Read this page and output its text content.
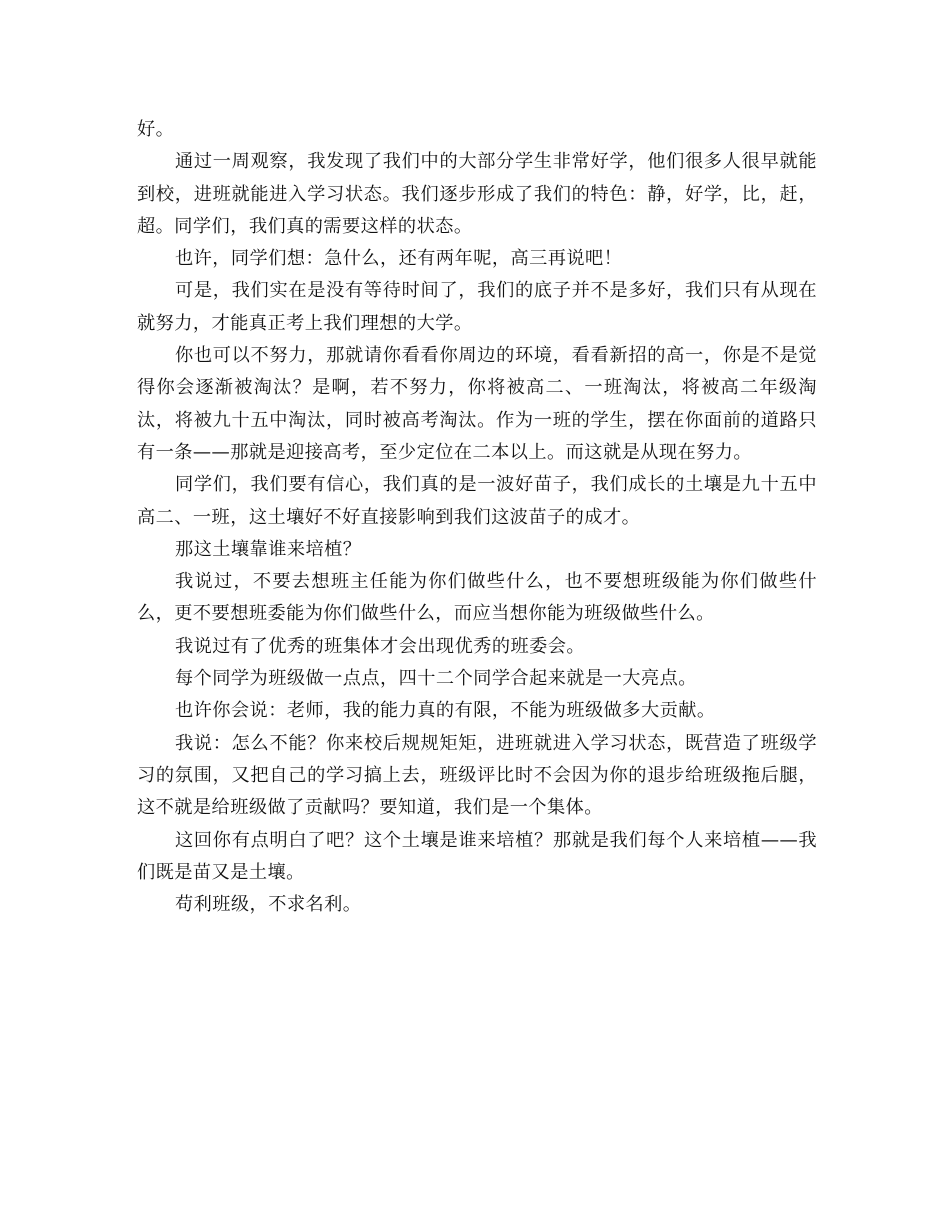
好。

通过一周观察，我发现了我们中的大部分学生非常好学，他们很多人很早就能到校，进班就能进入学习状态。我们逐步形成了我们的特色：静，好学，比，赶，超。同学们，我们真的需要这样的状态。

也许，同学们想：急什么，还有两年呢，高三再说吧！

可是，我们实在是没有等待时间了，我们的底子并不是多好，我们只有从现在就努力，才能真正考上我们理想的大学。

你也可以不努力，那就请你看看你周边的环境，看看新招的高一，你是不是觉得你会逐渐被淘汰？是啊，若不努力，你将被高二、一班淘汰，将被高二年级淘汰，将被九十五中淘汰，同时被高考淘汰。作为一班的学生，摆在你面前的道路只有一条——那就是迎接高考，至少定位在二本以上。而这就是从现在努力。

同学们，我们要有信心，我们真的是一波好苗子，我们成长的土壤是九十五中高二、一班，这土壤好不好直接影响到我们这波苗子的成才。

那这土壤靠谁来培植？

我说过，不要去想班主任能为你们做些什么，也不要想班级能为你们做些什么，更不要想班委能为你们做些什么，而应当想你能为班级做些什么。

我说过有了优秀的班集体才会出现优秀的班委会。

每个同学为班级做一点点，四十二个同学合起来就是一大亮点。

也许你会说：老师，我的能力真的有限，不能为班级做多大贡献。

我说：怎么不能？你来校后规规矩矩，进班就进入学习状态，既营造了班级学习的氛围，又把自己的学习搞上去，班级评比时不会因为你的退步给班级拖后腿，这不就是给班级做了贡献吗？要知道，我们是一个集体。

这回你有点明白了吧？这个土壤是谁来培植？那就是我们每个人来培植——我们既是苗又是土壤。

苟利班级，不求名利。
